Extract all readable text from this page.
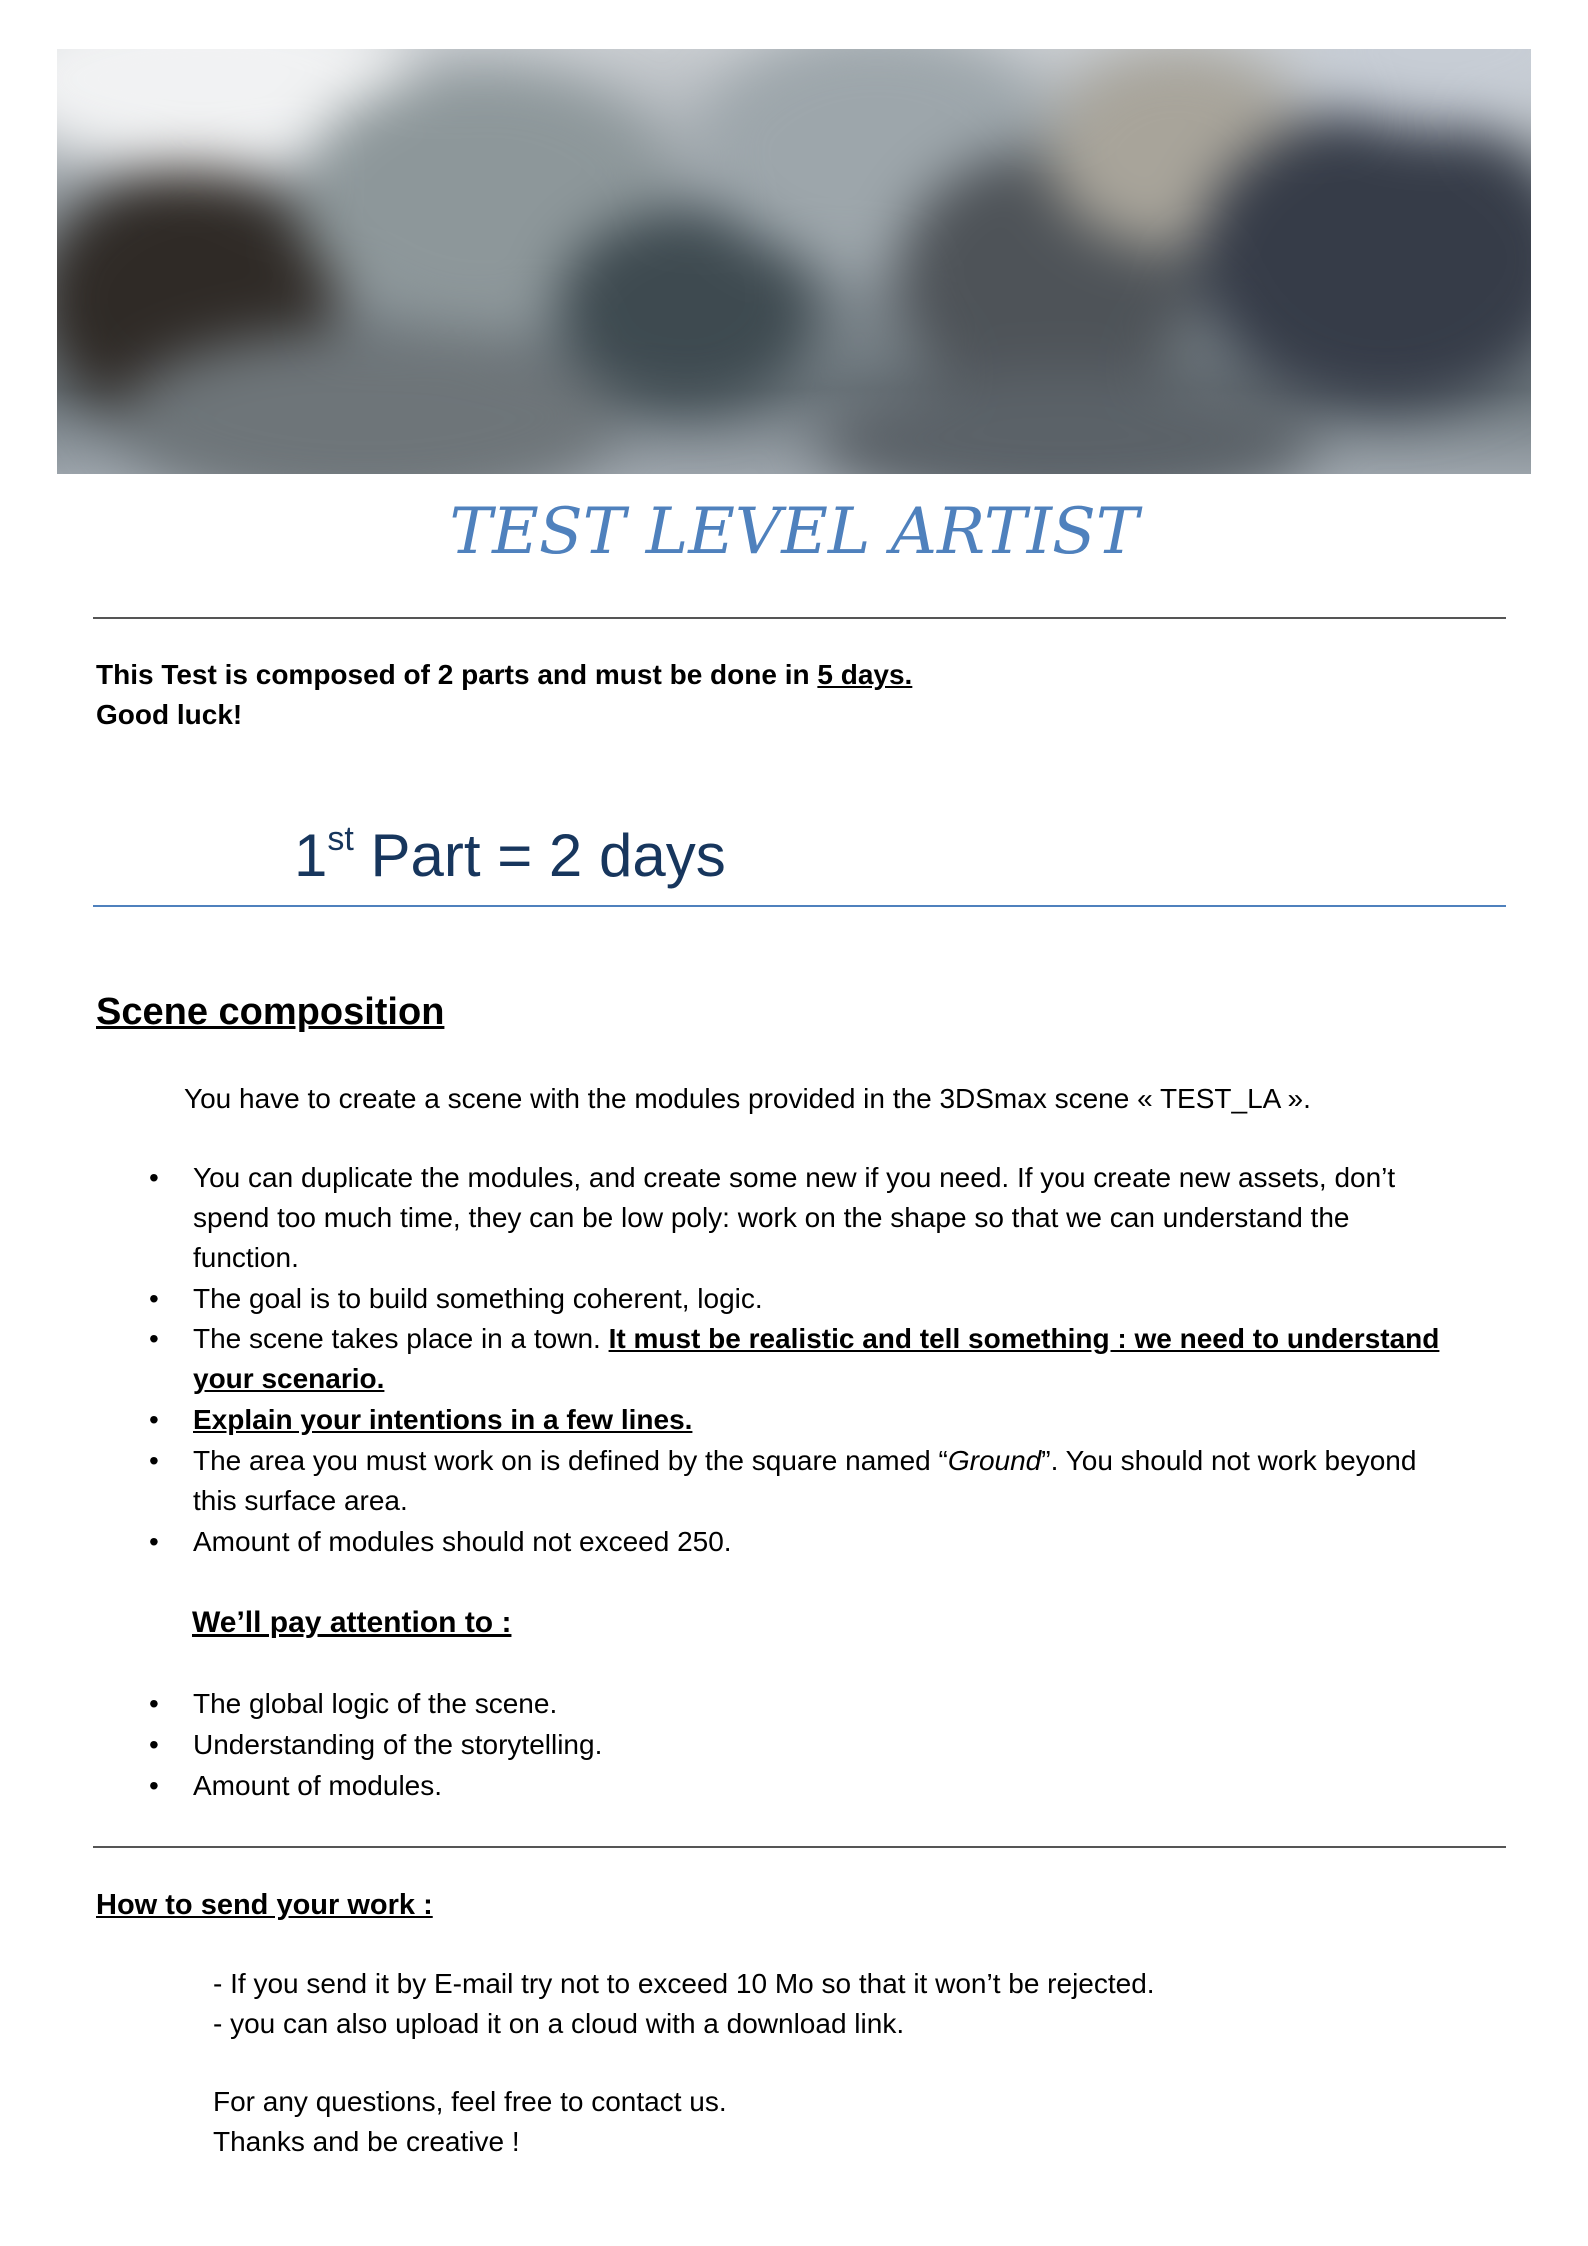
TEST LEVEL ARTIST
This Test is composed of 2 parts and must be done in 5 days.
Good luck!
1st Part = 2 days
Scene composition
You have to create a scene with the modules provided in the 3DSmax scene « TEST_LA ».
• You can duplicate the modules, and create some new if you need. If you create new assets, don’t
spend too much time, they can be low poly: work on the shape so that we can understand the
function.
• The goal is to build something coherent, logic.
• The scene takes place in a town. It must be realistic and tell something : we need to understand
your scenario.
• Explain your intentions in a few lines.
• The area you must work on is defined by the square named “Ground”. You should not work beyond
this surface area.
• Amount of modules should not exceed 250.
We’ll pay attention to :
• The global logic of the scene.
• Understanding of the storytelling.
• Amount of modules.
How to send your work :
- If you send it by E-mail try not to exceed 10 Mo so that it won’t be rejected.
- you can also upload it on a cloud with a download link.
For any questions, feel free to contact us.
Thanks and be creative !
